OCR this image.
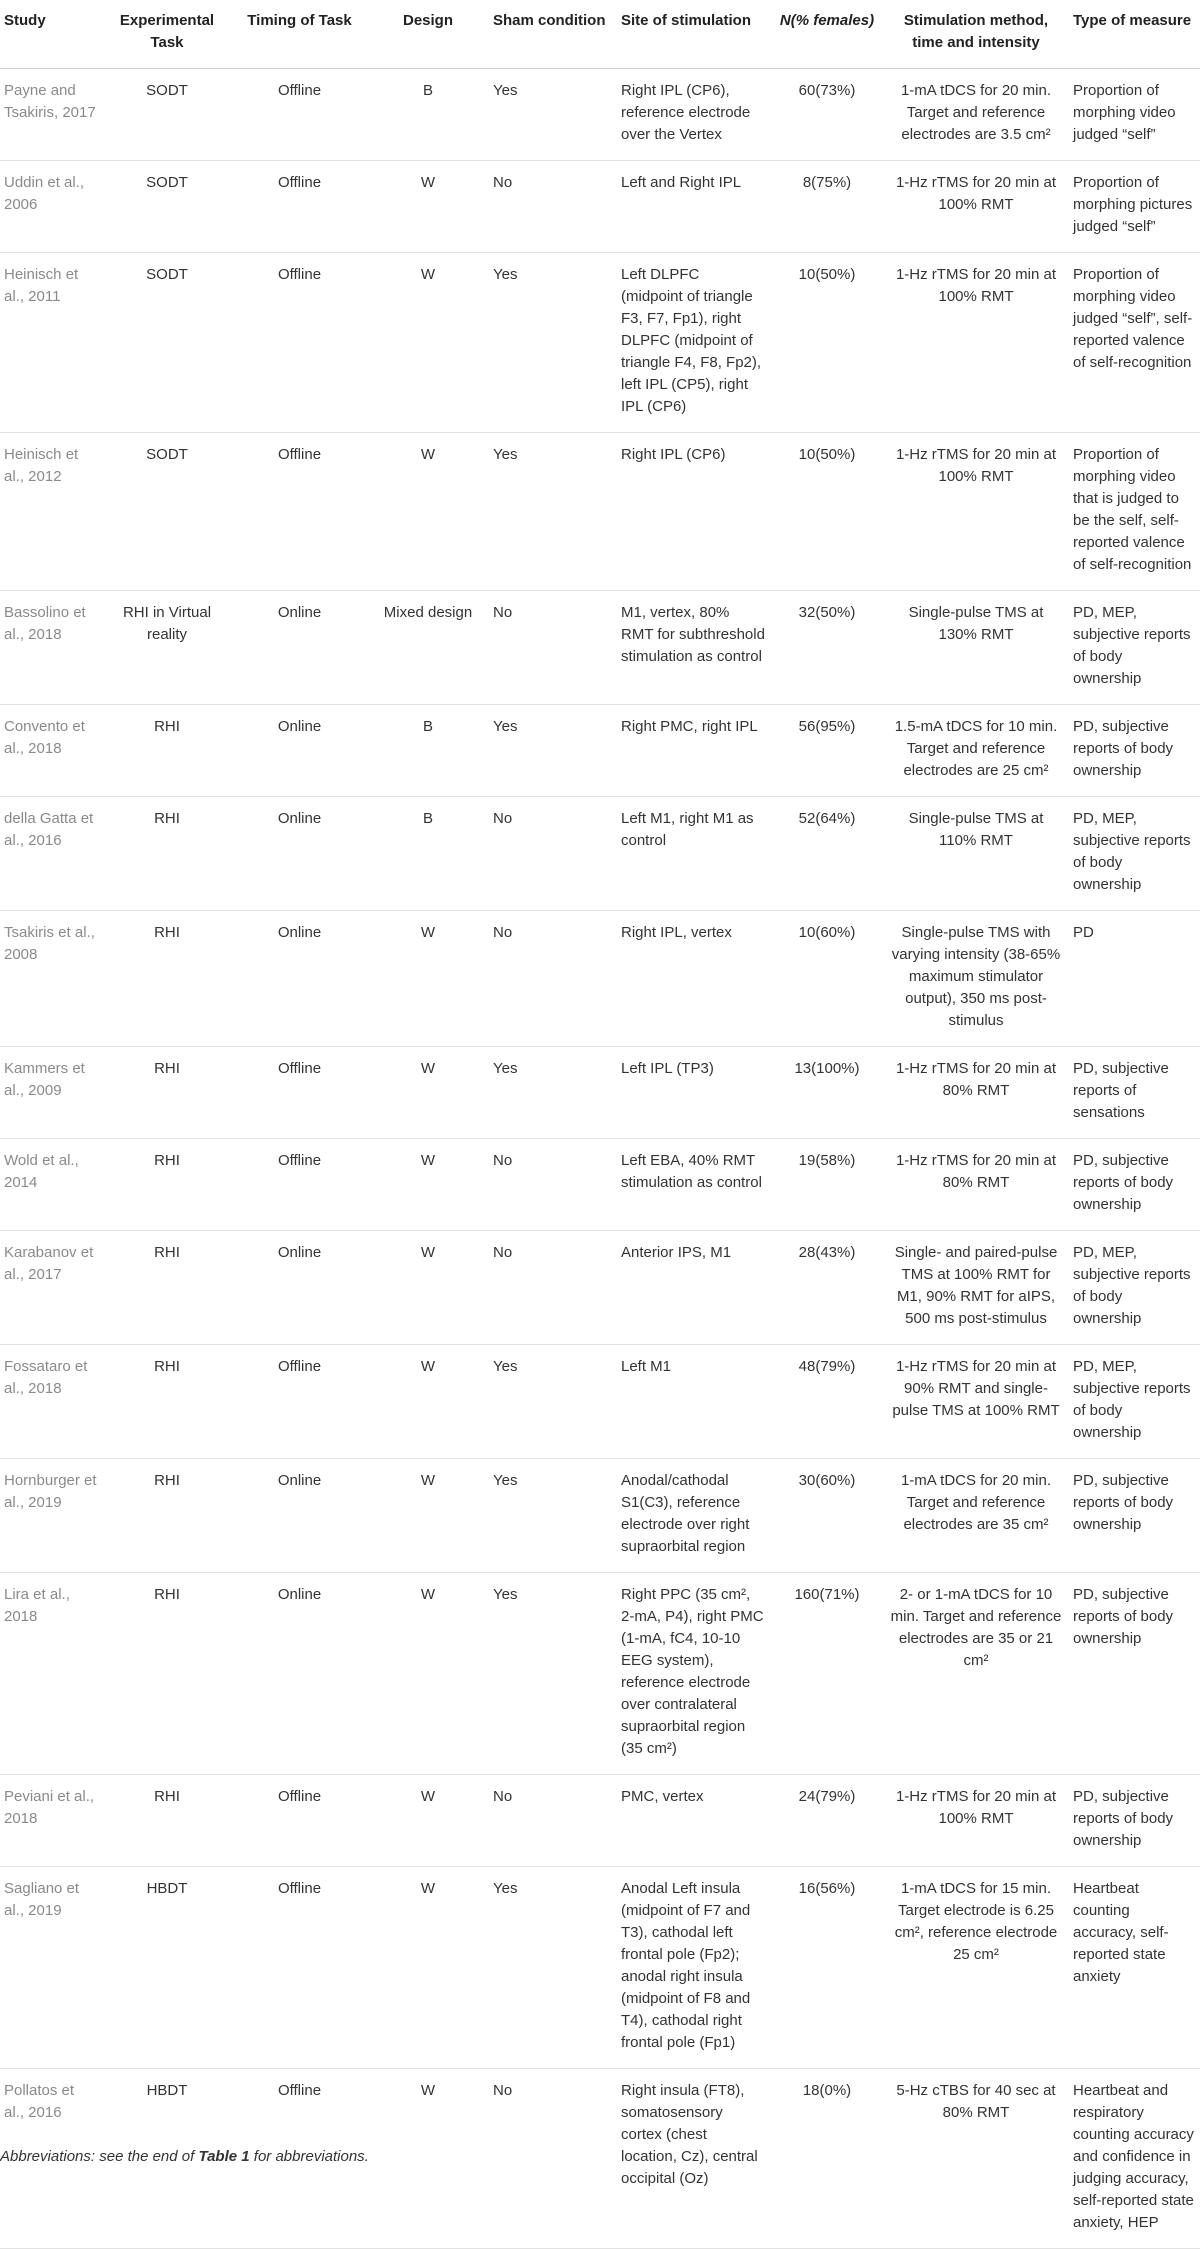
Study	Experimental Task	Timing of Task	Design	Sham condition	Site of stimulation	N(% females)	Stimulation method, time and intensity	Type of measure
Payne and Tsakiris, 2017	SODT	Offline	B	Yes	Right IPL (CP6), reference electrode over the Vertex	60(73%)	1-mA tDCS for 20 min. Target and reference electrodes are 3.5 cm²	Proportion of morphing video judged “self”
Uddin et al., 2006	SODT	Offline	W	No	Left and Right IPL	8(75%)	1-Hz rTMS for 20 min at 100% RMT	Proportion of morphing pictures judged “self”
Heinisch et al., 2011	SODT	Offline	W	Yes	Left DLPFC (midpoint of triangle F3, F7, Fp1), right DLPFC (midpoint of triangle F4, F8, Fp2), left IPL (CP5), right IPL (CP6)	10(50%)	1-Hz rTMS for 20 min at 100% RMT	Proportion of morphing video judged “self”, self-reported valence of self-recognition
Heinisch et al., 2012	SODT	Offline	W	Yes	Right IPL (CP6)	10(50%)	1-Hz rTMS for 20 min at 100% RMT	Proportion of morphing video that is judged to be the self, self-reported valence of self-recognition
Bassolino et al., 2018	RHI in Virtual reality	Online	Mixed design	No	M1, vertex, 80% RMT for subthreshold stimulation as control	32(50%)	Single-pulse TMS at 130% RMT	PD, MEP, subjective reports of body ownership
Convento et al., 2018	RHI	Online	B	Yes	Right PMC, right IPL	56(95%)	1.5-mA tDCS for 10 min. Target and reference electrodes are 25 cm²	PD, subjective reports of body ownership
della Gatta et al., 2016	RHI	Online	B	No	Left M1, right M1 as control	52(64%)	Single-pulse TMS at 110% RMT	PD, MEP, subjective reports of body ownership
Tsakiris et al., 2008	RHI	Online	W	No	Right IPL, vertex	10(60%)	Single-pulse TMS with varying intensity (38-65% maximum stimulator output), 350 ms post-stimulus	PD
Kammers et al., 2009	RHI	Offline	W	Yes	Left IPL (TP3)	13(100%)	1-Hz rTMS for 20 min at 80% RMT	PD, subjective reports of sensations
Wold et al., 2014	RHI	Offline	W	No	Left EBA, 40% RMT stimulation as control	19(58%)	1-Hz rTMS for 20 min at 80% RMT	PD, subjective reports of body ownership
Karabanov et al., 2017	RHI	Online	W	No	Anterior IPS, M1	28(43%)	Single- and paired-pulse TMS at 100% RMT for M1, 90% RMT for aIPS, 500 ms post-stimulus	PD, MEP, subjective reports of body ownership
Fossataro et al., 2018	RHI	Offline	W	Yes	Left M1	48(79%)	1-Hz rTMS for 20 min at 90% RMT and single-pulse TMS at 100% RMT	PD, MEP, subjective reports of body ownership
Hornburger et al., 2019	RHI	Online	W	Yes	Anodal/cathodal S1(C3), reference electrode over right supraorbital region	30(60%)	1-mA tDCS for 20 min. Target and reference electrodes are 35 cm²	PD, subjective reports of body ownership
Lira et al., 2018	RHI	Online	W	Yes	Right PPC (35 cm², 2-mA, P4), right PMC (1-mA, fC4, 10-10 EEG system), reference electrode over contralateral supraorbital region (35 cm²)	160(71%)	2- or 1-mA tDCS for 10 min. Target and reference electrodes are 35 or 21 cm²	PD, subjective reports of body ownership
Peviani et al., 2018	RHI	Offline	W	No	PMC, vertex	24(79%)	1-Hz rTMS for 20 min at 100% RMT	PD, subjective reports of body ownership
Sagliano et al., 2019	HBDT	Offline	W	Yes	Anodal Left insula (midpoint of F7 and T3), cathodal left frontal pole (Fp2); anodal right insula (midpoint of F8 and T4), cathodal right frontal pole (Fp1)	16(56%)	1-mA tDCS for 15 min. Target electrode is 6.25 cm², reference electrode 25 cm²	Heartbeat counting accuracy, self-reported state anxiety
Pollatos et al., 2016	HBDT	Offline	W	No	Right insula (FT8), somatosensory cortex (chest location, Cz), central occipital (Oz)	18(0%)	5-Hz cTBS for 40 sec at 80% RMT	Heartbeat and respiratory counting accuracy and confidence in judging accuracy, self-reported state anxiety, HEP
Abbreviations: see the end of Table 1 for abbreviations.
